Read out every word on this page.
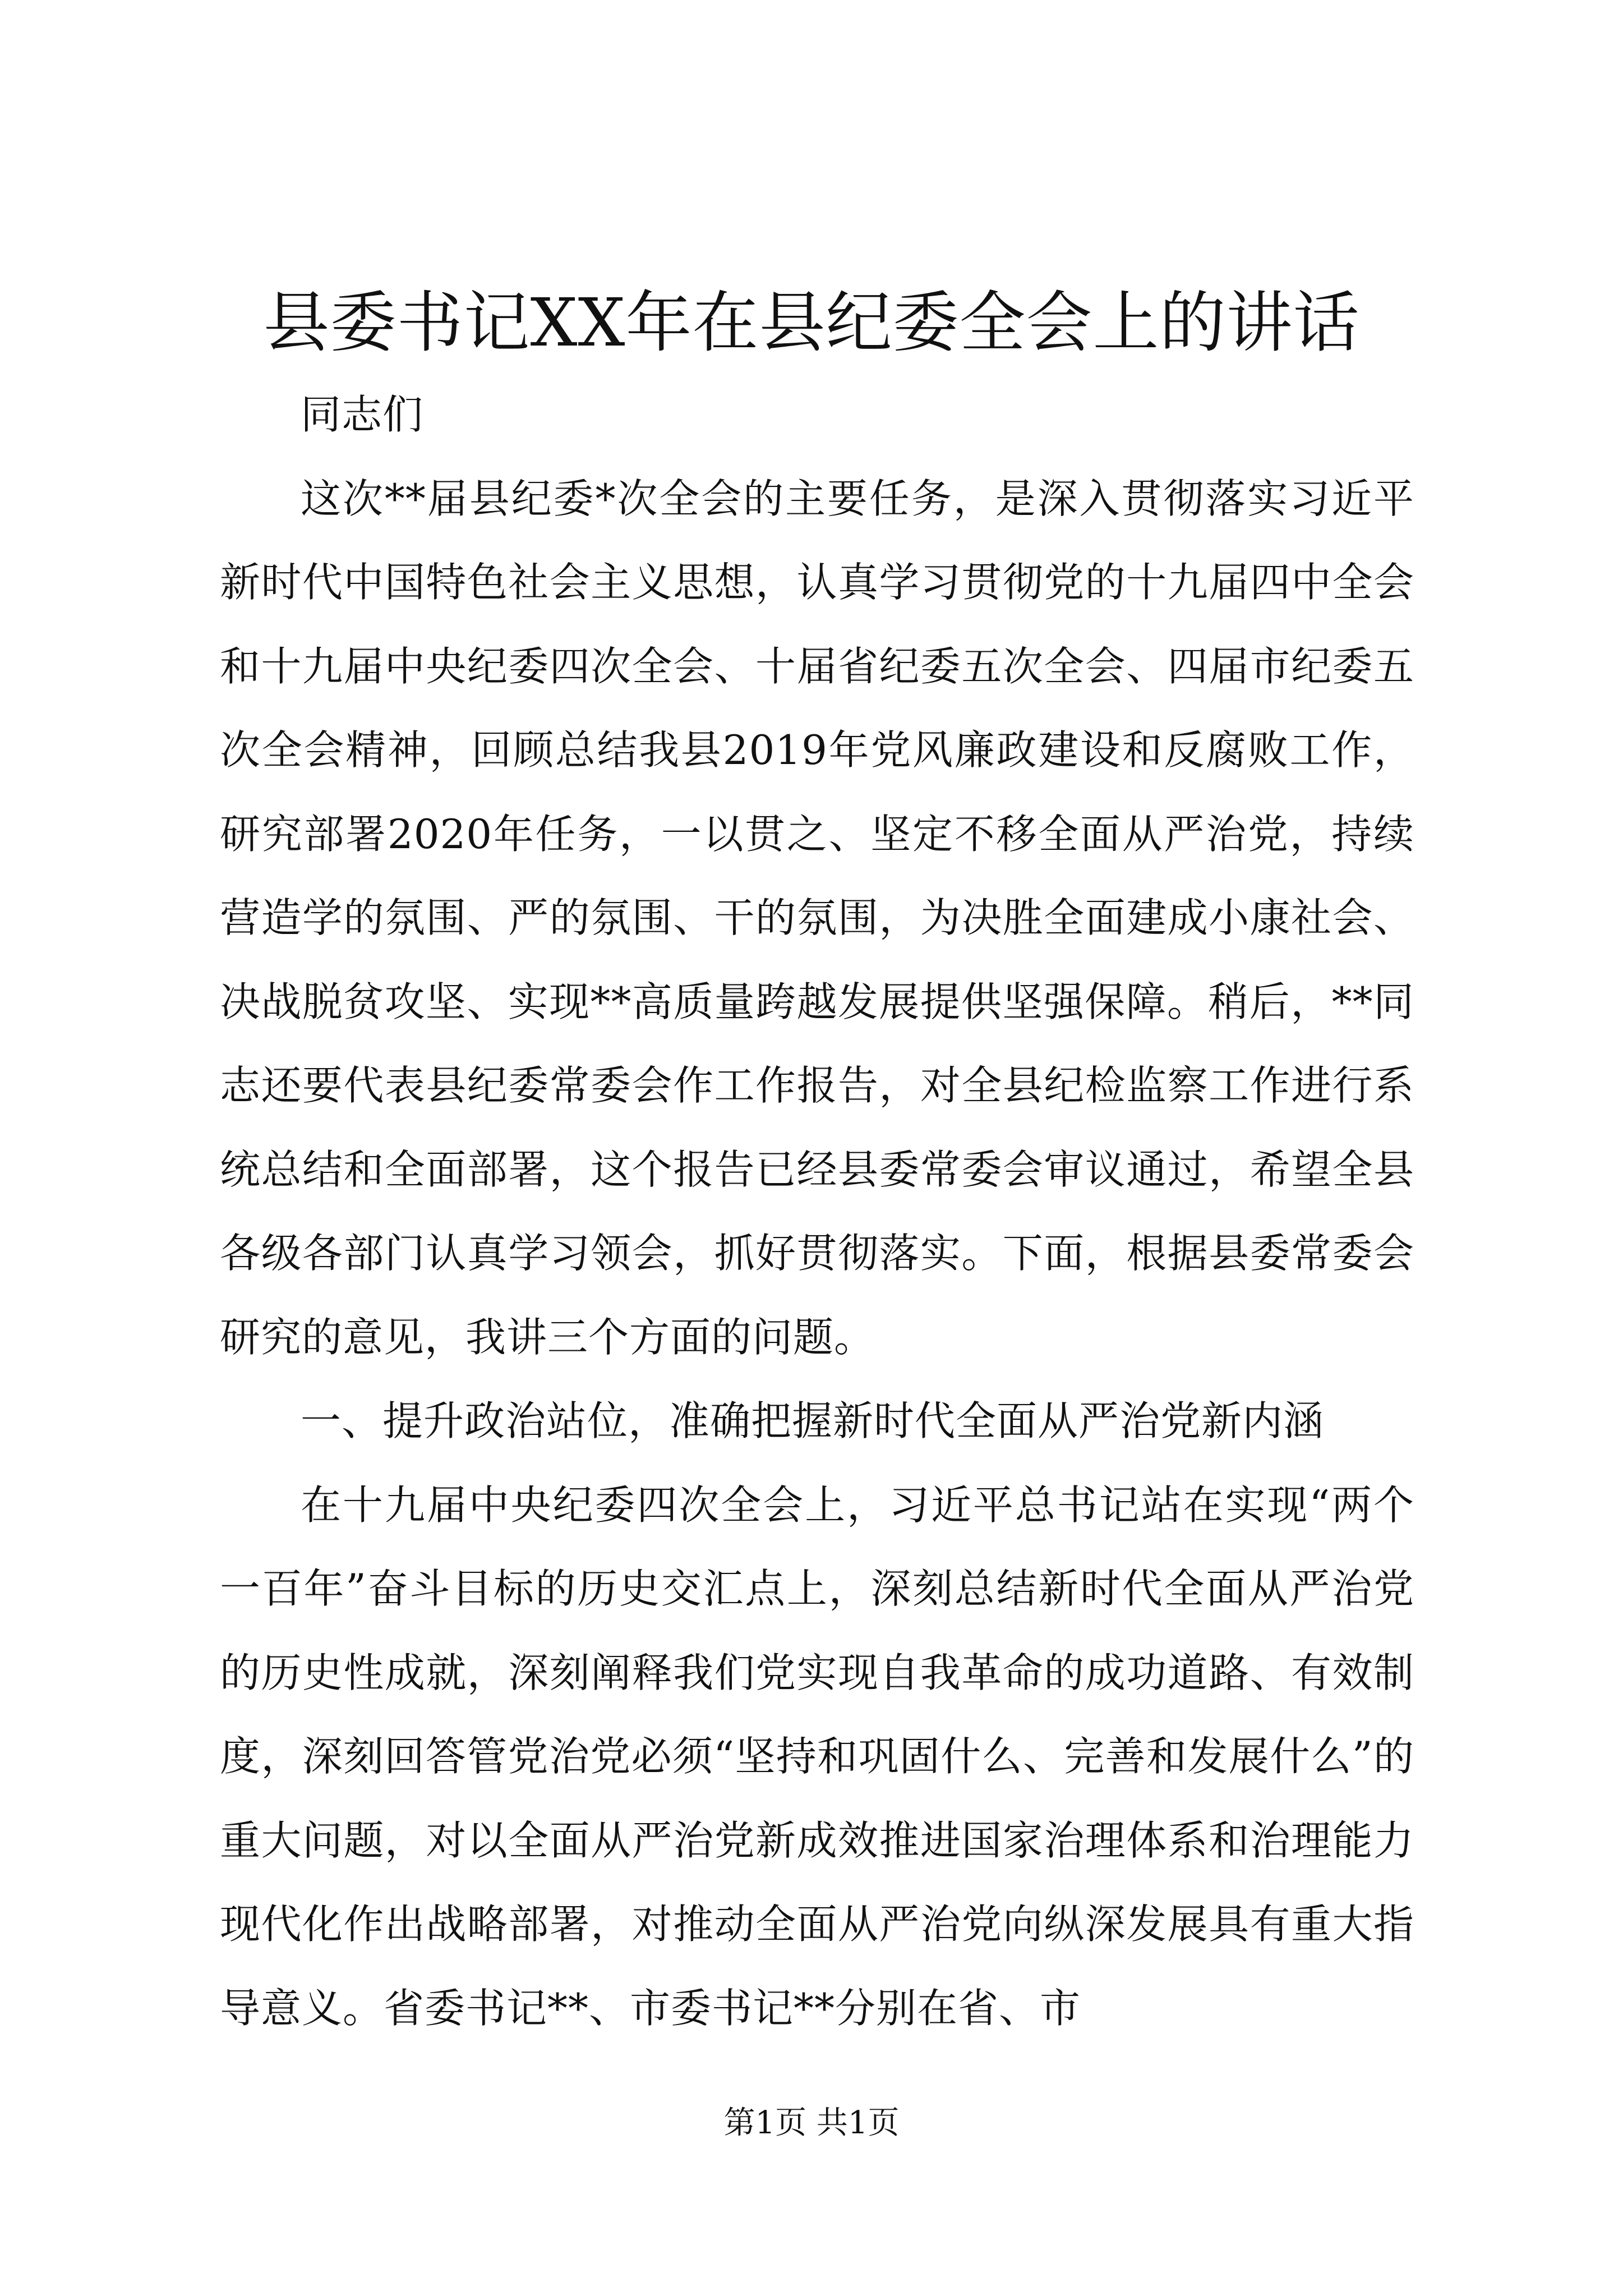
县委书记XX年在县纪委全会上的讲话

同志们

这次**届县纪委*次全会的主要任务，是深入贯彻落实习近平新时代中国特色社会主义思想，认真学习贯彻党的十九届四中全会和十九届中央纪委四次全会、十届省纪委五次全会、四届市纪委五次全会精神，回顾总结我县2019年党风廉政建设和反腐败工作，研究部署2020年任务，一以贯之、坚定不移全面从严治党，持续营造学的氛围、严的氛围、干的氛围，为决胜全面建成小康社会、决战脱贫攻坚、实现**高质量跨越发展提供坚强保障。稍后，**同志还要代表县纪委常委会作工作报告，对全县纪检监察工作进行系统总结和全面部署，这个报告已经县委常委会审议通过，希望全县各级各部门认真学习领会，抓好贯彻落实。下面，根据县委常委会研究的意见，我讲三个方面的问题。

一、提升政治站位，准确把握新时代全面从严治党新内涵

在十九届中央纪委四次全会上，习近平总书记站在实现“两个一百年”奋斗目标的历史交汇点上，深刻总结新时代全面从严治党的历史性成就，深刻阐释我们党实现自我革命的成功道路、有效制度，深刻回答管党治党必须“坚持和巩固什么、完善和发展什么”的重大问题，对以全面从严治党新成效推进国家治理体系和治理能力现代化作出战略部署，对推动全面从严治党向纵深发展具有重大指导意义。省委书记**、市委书记**分别在省、市

第1页 共1页
